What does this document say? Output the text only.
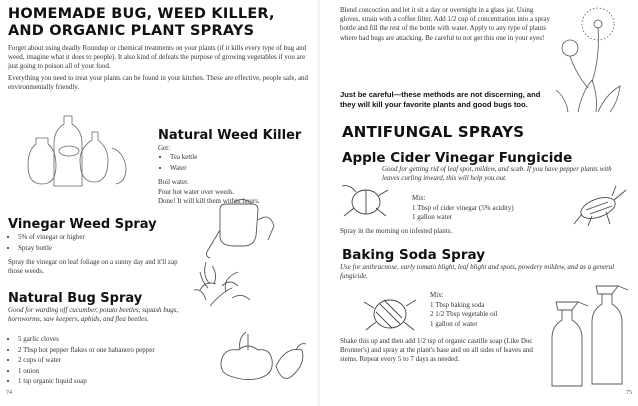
HOMEMADE BUG, WEED KILLER,
AND ORGANIC PLANT SPRAYS
Forget about using deadly Roundup or chemical treatments on your plants (if it kills every type of bug and weed, imagine what it does to people). It also kind of defeats the purpose of growing vegetables if you are just going to poison all of your food.
Everything you need to treat your plants can be found in your kitchen. These are effective, people safe, and environmentally friendly.
Natural Weed Killer
Get:
• Tea kettle
• Water
Boil water.
Pour hot water over weeds.
Done! It will kill them within hours.
Vinegar Weed Spray
• 5% of vinegar or higher
• Spray bottle
Spray the vinegar on leaf foliage on a sunny day and it'll zap those weeds.
Natural Bug Spray
Good for warding off cucumber, potato beetles, squash bugs, hornworms, saw keepers, aphids, and flea beetles.
• 5 garlic cloves
• 2 Tbsp hot pepper flakes or one habanero pepper
• 2 cups of water
• 1 onion
• 1 tsp organic liquid soap
74
Blend concoction and let it sit a day or overnight in a glass jar. Using gloves, strain with a coffee filter. Add 1/2 cup of concentration into a spray bottle and fill the rest of the bottle with water. Apply to any type of plants where bad bugs are attacking. Be careful to not get this one in your eyes!
Just be careful—these methods are not discerning, and they will kill your favorite plants and good bugs too.
ANTIFUNGAL SPRAYS
Apple Cider Vinegar Fungicide
Good for getting rid of leaf spot, mildew, and scab. If you have pepper plants with leaves curling inward, this will help you out.
Mix:
1 Tbsp of cider vinegar (5% acidity)
1 gallon water
Spray in the morning on infested plants.
Baking Soda Spray
Use for anthracnose, early tomato blight, leaf blight and spots, powdery mildew, and as a general fungicide.
Mix:
1 Tbsp baking soda
2 1/2 Tbsp vegetable oil
1 gallon of water
Shake this up and then add 1/2 tsp of organic castille soap (Like Doc Bronner's) and spray at the plant's base and on all sides of leaves and stems. Repeat every 5 to 7 days as needed.
75
